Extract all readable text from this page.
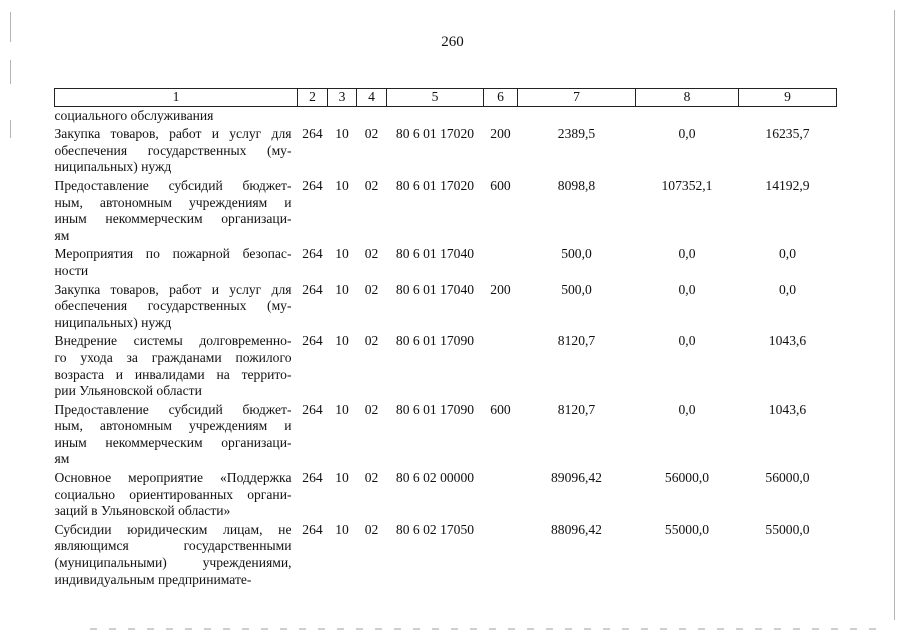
260
1	2	3	4	5	6	7	8	9

социального обслуживания								

Закупка товаров, работ и услуг для
обеспечения государственных (му-
ниципальных) нужд	264	10	02	80 6 01 17020	200	2389,5	0,0	16235,7

Предоставление субсидий бюджет-
ным, автономным учреждениям и
иным некоммерческим организаци-
ям	264	10	02	80 6 01 17020	600	8098,8	107352,1	14192,9

Мероприятия по пожарной безопас-
ности	264	10	02	80 6 01 17040		500,0	0,0	0,0

Закупка товаров, работ и услуг для
обеспечения государственных (му-
ниципальных) нужд	264	10	02	80 6 01 17040	200	500,0	0,0	0,0

Внедрение системы долговременно-
го ухода за гражданами пожилого
возраста и инвалидами на террито-
рии Ульяновской области	264	10	02	80 6 01 17090		8120,7	0,0	1043,6

Предоставление субсидий бюджет-
ным, автономным учреждениям и
иным некоммерческим организаци-
ям	264	10	02	80 6 01 17090	600	8120,7	0,0	1043,6

Основное мероприятие «Поддержка
социально ориентированных органи-
заций в Ульяновской области»	264	10	02	80 6 02 00000		89096,42	56000,0	56000,0

Субсидии юридическим лицам, не
являющимся государственными
(муниципальными) учреждениями,
индивидуальным предпринимате-	264	10	02	80 6 02 17050		88096,42	55000,0	55000,0
